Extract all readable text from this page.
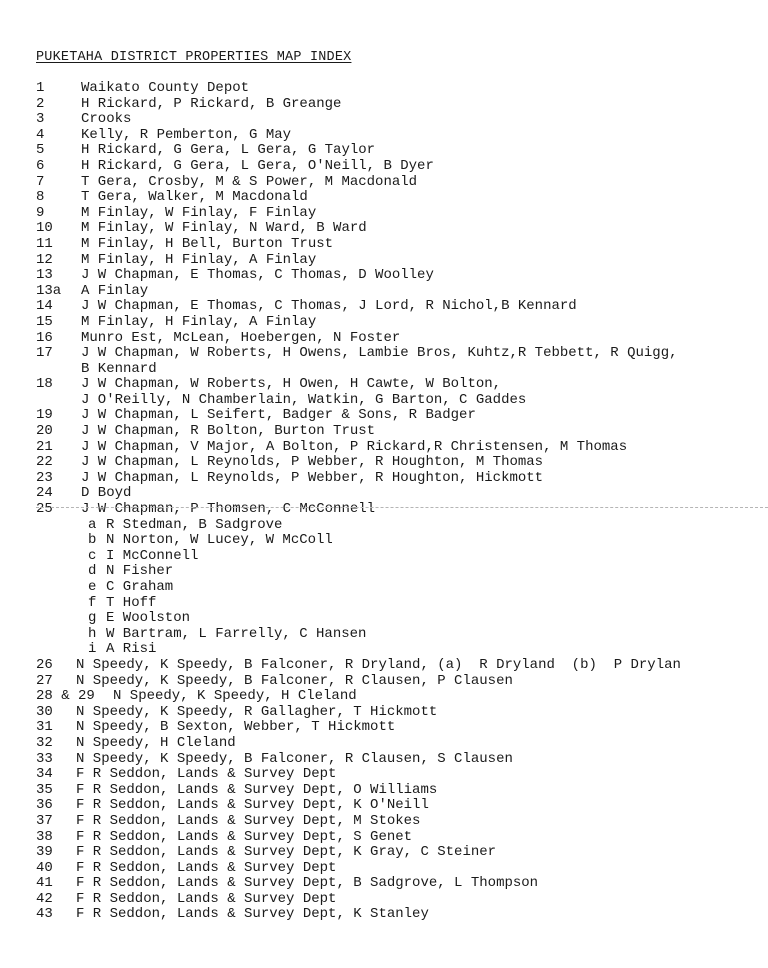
PUKETAHA DISTRICT PROPERTIES MAP INDEX
1	Waikato County Depot
2	H Rickard, P Rickard, B Greange
3	Crooks
4	Kelly, R Pemberton, G May
5	H Rickard, G Gera, L Gera, G Taylor
6	H Rickard, G Gera, L Gera, O'Neill, B Dyer
7	T Gera, Crosby, M & S Power, M Macdonald
8	T Gera, Walker, M Macdonald
9	M Finlay, W Finlay, F Finlay
10 M Finlay, W Finlay, N Ward, B Ward
11 M Finlay, H Bell, Burton Trust
12 M Finlay, H Finlay, A Finlay
13 J W Chapman, E Thomas, C Thomas, D Woolley
13a A Finlay
14 J W Chapman, E Thomas, C Thomas, J Lord, R Nichol,B Kennard
15 M Finlay, H Finlay, A Finlay
16 Munro Est, McLean, Hoebergen, N Foster
17 J W Chapman, W Roberts, H Owens, Lambie Bros, Kuhtz,R Tebbett, R Quigg,
B Kennard
18 J W Chapman, W Roberts, H Owen, H Cawte, W Bolton,
J O'Reilly, N Chamberlain, Watkin, G Barton, C Gaddes
19 J W Chapman, L Seifert, Badger & Sons, R Badger
20 J W Chapman, R Bolton, Burton Trust
21 J W Chapman, V Major, A Bolton, P Rickard,R Christensen, M Thomas
22 J W Chapman, L Reynolds, P Webber, R Houghton, M Thomas
23 J W Chapman, L Reynolds, P Webber, R Houghton, Hickmott
24 D Boyd
25 J W Chapman, P Thomsen, C McConnell
a R Stedman, B Sadgrove
b N Norton, W Lucey, W McColl
c I McConnell
d N Fisher
e C Graham
f T Hoff
g E Woolston
h W Bartram, L Farrelly, C Hansen
i A Risi
26 N Speedy, K Speedy, B Falconer, R Dryland, (a)  R Dryland  (b)  P Drylan
27 N Speedy, K Speedy, B Falconer, R Clausen, P Clausen
28 & 29 N Speedy, K Speedy, H Cleland
30 N Speedy, K Speedy, R Gallagher, T Hickmott
31 N Speedy, B Sexton, Webber, T Hickmott
32 N Speedy, H Cleland
33 N Speedy, K Speedy, B Falconer, R Clausen, S Clausen
34 F R Seddon, Lands & Survey Dept
35 F R Seddon, Lands & Survey Dept, O Williams
36 F R Seddon, Lands & Survey Dept, K O'Neill
37 F R Seddon, Lands & Survey Dept, M Stokes
38 F R Seddon, Lands & Survey Dept, S Genet
39 F R Seddon, Lands & Survey Dept, K Gray, C Steiner
40 F R Seddon, Lands & Survey Dept
41 F R Seddon, Lands & Survey Dept, B Sadgrove, L Thompson
42 F R Seddon, Lands & Survey Dept
43 F R Seddon, Lands & Survey Dept, K Stanley
